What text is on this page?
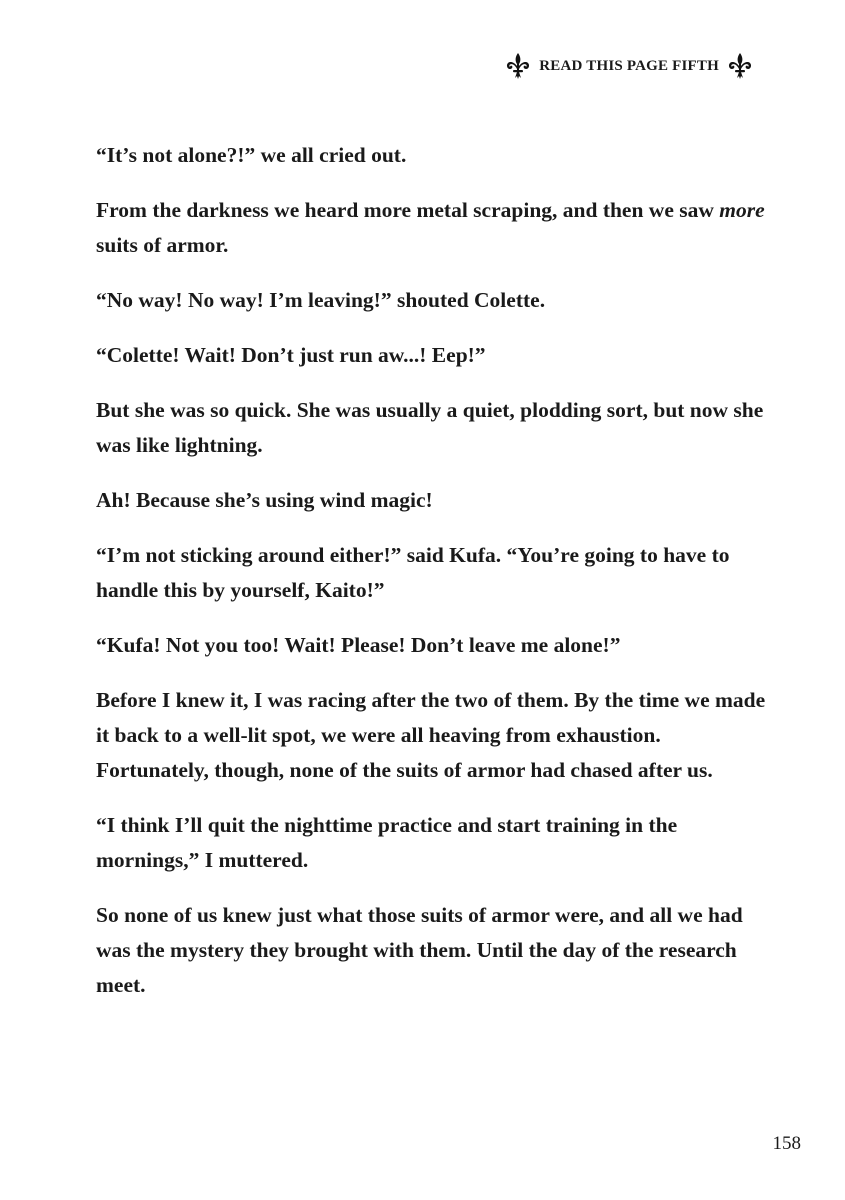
READ THIS PAGE FIFTH

“It’s not alone?!” we all cried out.

From the darkness we heard more metal scraping, and then we saw more suits of armor.

“No way! No way! I’m leaving!” shouted Colette.

“Colette! Wait! Don’t just run aw...! Eep!”

But she was so quick. She was usually a quiet, plodding sort, but now she was like lightning.

Ah! Because she’s using wind magic!

“I’m not sticking around either!” said Kufa. “You’re going to have to handle this by yourself, Kaito!”

“Kufa! Not you too! Wait! Please! Don’t leave me alone!”

Before I knew it, I was racing after the two of them. By the time we made it back to a well-lit spot, we were all heaving from exhaustion. Fortunately, though, none of the suits of armor had chased after us.

“I think I’ll quit the nighttime practice and start training in the mornings,” I muttered.

So none of us knew just what those suits of armor were, and all we had was the mystery they brought with them. Until the day of the research meet.

158
